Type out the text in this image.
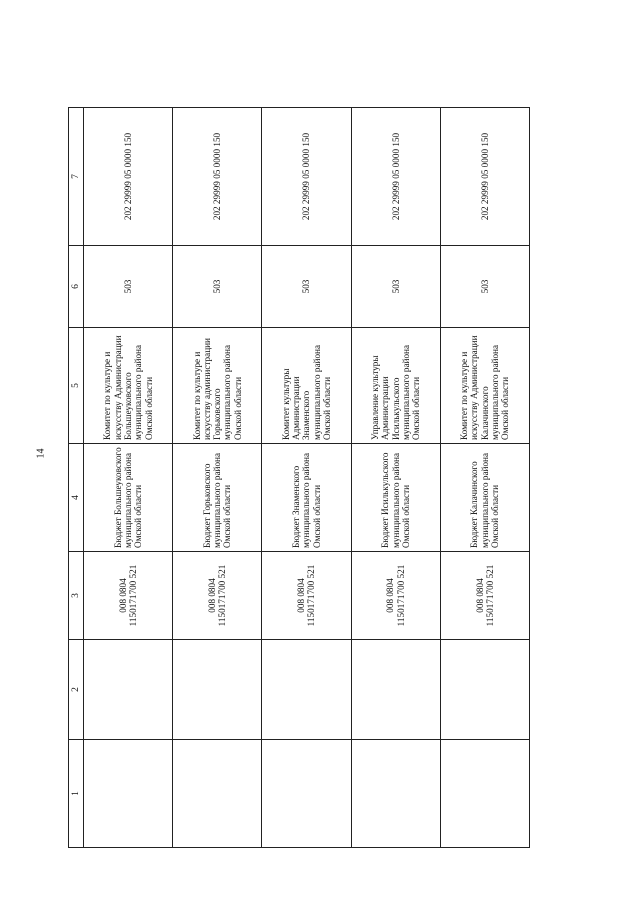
14
1	2	3	4	5	6	7
		008 0804 1150171700 521	Бюджет Большеуковского муниципального района Омской области	Комитет по культуре и искусству Администрации Большеуковского муниципального района Омской области	503	202 29999 05 0000 150
		008 0804 1150171700 521	Бюджет Горьковского муниципального района Омской области	Комитет по культуре и искусству администрации Горьковского муниципального района Омской области	503	202 29999 05 0000 150
		008 0804 1150171700 521	Бюджет Знаменского муниципального района Омской области	Комитет культуры Администрации Знаменского муниципального района Омской области	503	202 29999 05 0000 150
		008 0804 1150171700 521	Бюджет Исилькульского муниципального района Омской области	Управление культуры Администрации Исилькульского муниципального района Омской области	503	202 29999 05 0000 150
		008 0804 1150171700 521	Бюджет Калачинского муниципального района Омской области	Комитет по культуре и искусству Администрации Калачинского муниципального района Омской области	503	202 29999 05 0000 150
